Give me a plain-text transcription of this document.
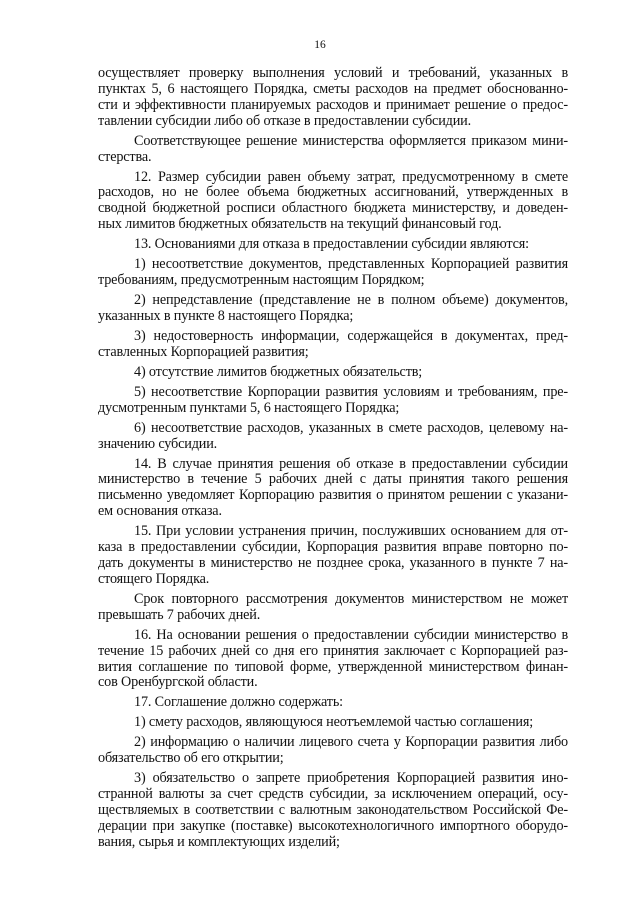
16
осуществляет проверку выполнения условий и требований, указанных в
пунктах 5, 6 настоящего Порядка, сметы расходов на предмет обоснованно-
сти и эффективности планируемых расходов и принимает решение о предос-
тавлении субсидии либо об отказе в предоставлении субсидии.
Соответствующее решение министерства оформляется приказом мини-
стерства.
12. Размер субсидии равен объему затрат, предусмотренному в смете
расходов, но не более объема бюджетных ассигнований, утвержденных в
сводной бюджетной росписи областного бюджета министерству, и доведен-
ных лимитов бюджетных обязательств на текущий финансовый год.
13. Основаниями для отказа в предоставлении субсидии являются:
1) несоответствие документов, представленных Корпорацией развития
требованиям, предусмотренным настоящим Порядком;
2) непредставление (представление не в полном объеме) документов,
указанных в пункте 8 настоящего Порядка;
3) недостоверность информации, содержащейся в документах, пред-
ставленных Корпорацией развития;
4) отсутствие лимитов бюджетных обязательств;
5) несоответствие Корпорации развития условиям и требованиям, пре-
дусмотренным пунктами 5, 6 настоящего Порядка;
6) несоответствие расходов, указанных в смете расходов, целевому на-
значению субсидии.
14. В случае принятия решения об отказе в предоставлении субсидии
министерство в течение 5 рабочих дней с даты принятия такого решения
письменно уведомляет Корпорацию развития о принятом решении с указани-
ем основания отказа.
15. При условии устранения причин, послуживших основанием для от-
каза в предоставлении субсидии, Корпорация развития вправе повторно по-
дать документы в министерство не позднее срока, указанного в пункте 7 на-
стоящего Порядка.
Срок повторного рассмотрения документов министерством не может
превышать 7 рабочих дней.
16. На основании решения о предоставлении субсидии министерство в
течение 15 рабочих дней со дня его принятия заключает с Корпорацией раз-
вития соглашение по типовой форме, утвержденной министерством финан-
сов Оренбургской области.
17. Соглашение должно содержать:
1) смету расходов, являющуюся неотъемлемой частью соглашения;
2) информацию о наличии лицевого счета у Корпорации развития либо
обязательство об его открытии;
3) обязательство о запрете приобретения Корпорацией развития ино-
странной валюты за счет средств субсидии, за исключением операций, осу-
ществляемых в соответствии с валютным законодательством Российской Фе-
дерации при закупке (поставке) высокотехнологичного импортного оборудо-
вания, сырья и комплектующих изделий;
